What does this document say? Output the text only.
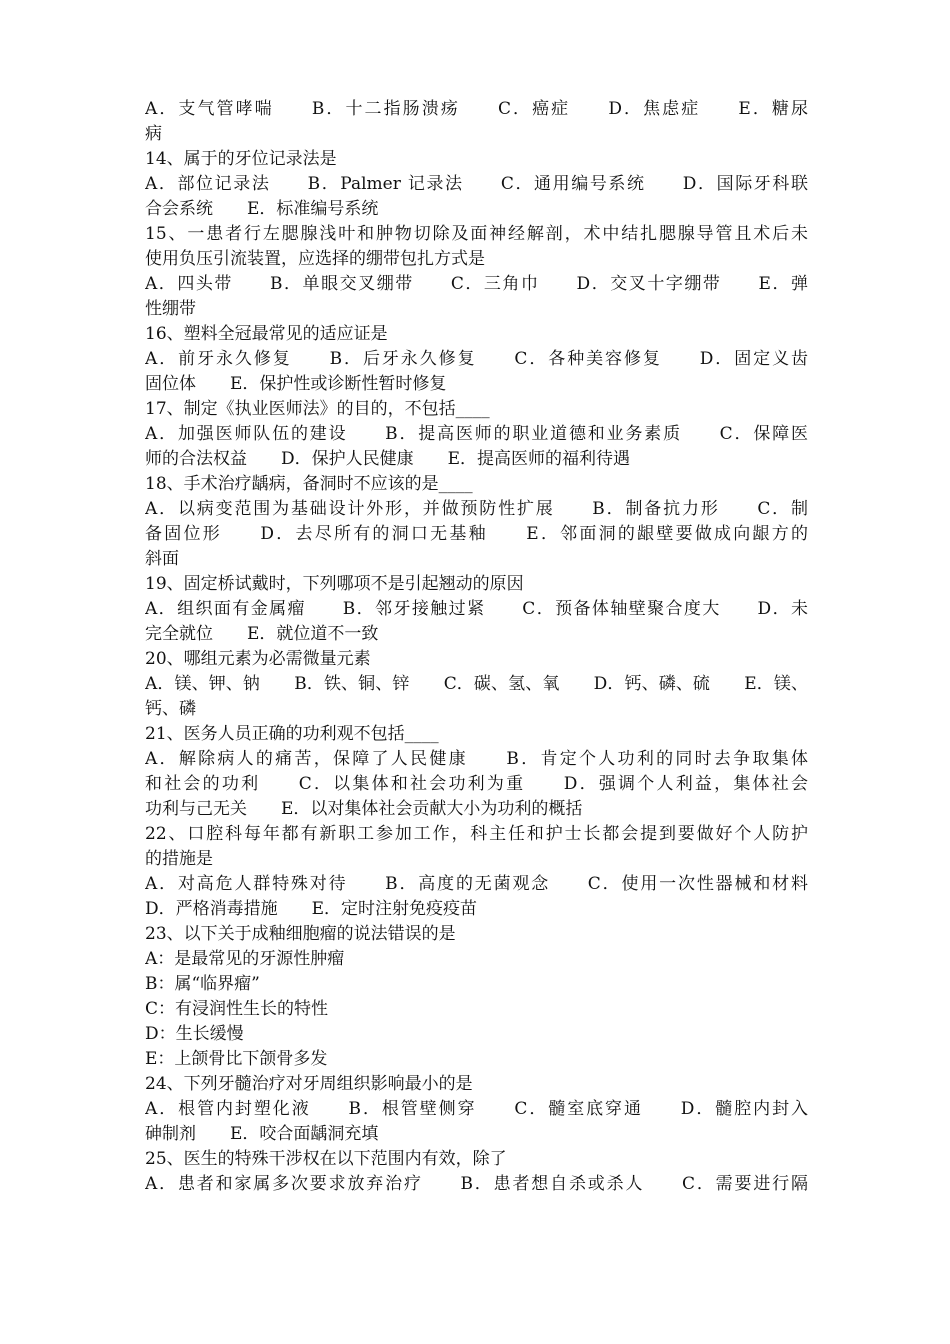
A．支气管哮喘　　B．十二指肠溃疡　　C．癌症　　D．焦虑症　　E．糖尿
病
14、属于的牙位记录法是
A．部位记录法　　B．Palmer 记录法　　C．通用编号系统　　D．国际牙科联
合会系统　　E．标准编号系统
15、一患者行左腮腺浅叶和肿物切除及面神经解剖，术中结扎腮腺导管且术后未
使用负压引流装置，应选择的绷带包扎方式是
A．四头带　　B．单眼交叉绷带　　C．三角巾　　D．交叉十字绷带　　E．弹
性绷带
16、塑料全冠最常见的适应证是
A．前牙永久修复　　B．后牙永久修复　　C．各种美容修复　　D．固定义齿
固位体　　E．保护性或诊断性暂时修复
17、制定《执业医师法》的目的，不包括____
A．加强医师队伍的建设　　B．提高医师的职业道德和业务素质　　C．保障医
师的合法权益　　D．保护人民健康　　E．提高医师的福利待遇
18、手术治疗龋病，备洞时不应该的是____
A．以病变范围为基础设计外形，并做预防性扩展　　B．制备抗力形　　C．制
备固位形　　D．去尽所有的洞口无基釉　　E．邻面洞的龈壁要做成向龈方的
斜面
19、固定桥试戴时，下列哪项不是引起翘动的原因
A．组织面有金属瘤　　B．邻牙接触过紧　　C．预备体轴壁聚合度大　　D．未
完全就位　　E．就位道不一致
20、哪组元素为必需微量元素
A．镁、钾、钠　　B．铁、铜、锌　　C．碳、氢、氧　　D．钙、磷、硫　　E．镁、
钙、磷
21、医务人员正确的功利观不包括____
A．解除病人的痛苦，保障了人民健康　　B．肯定个人功利的同时去争取集体
和社会的功利　　C．以集体和社会功利为重　　D．强调个人利益，集体社会
功利与己无关　　E．以对集体社会贡献大小为功利的概括
22、口腔科每年都有新职工参加工作，科主任和护士长都会提到要做好个人防护
的措施是
A．对高危人群特殊对待　　B．高度的无菌观念　　C．使用一次性器械和材料
D．严格消毒措施　　E．定时注射免疫疫苗
23、以下关于成釉细胞瘤的说法错误的是
A：是最常见的牙源性肿瘤
B：属“临界瘤”
C：有浸润性生长的特性
D：生长缓慢
E：上颌骨比下颌骨多发
24、下列牙髓治疗对牙周组织影响最小的是
A．根管内封塑化液　　B．根管壁侧穿　　C．髓室底穿通　　D．髓腔内封入
砷制剂　　E．咬合面龋洞充填
25、医生的特殊干涉权在以下范围内有效，除了
A．患者和家属多次要求放弃治疗　　B．患者想自杀或杀人　　C．需要进行隔
